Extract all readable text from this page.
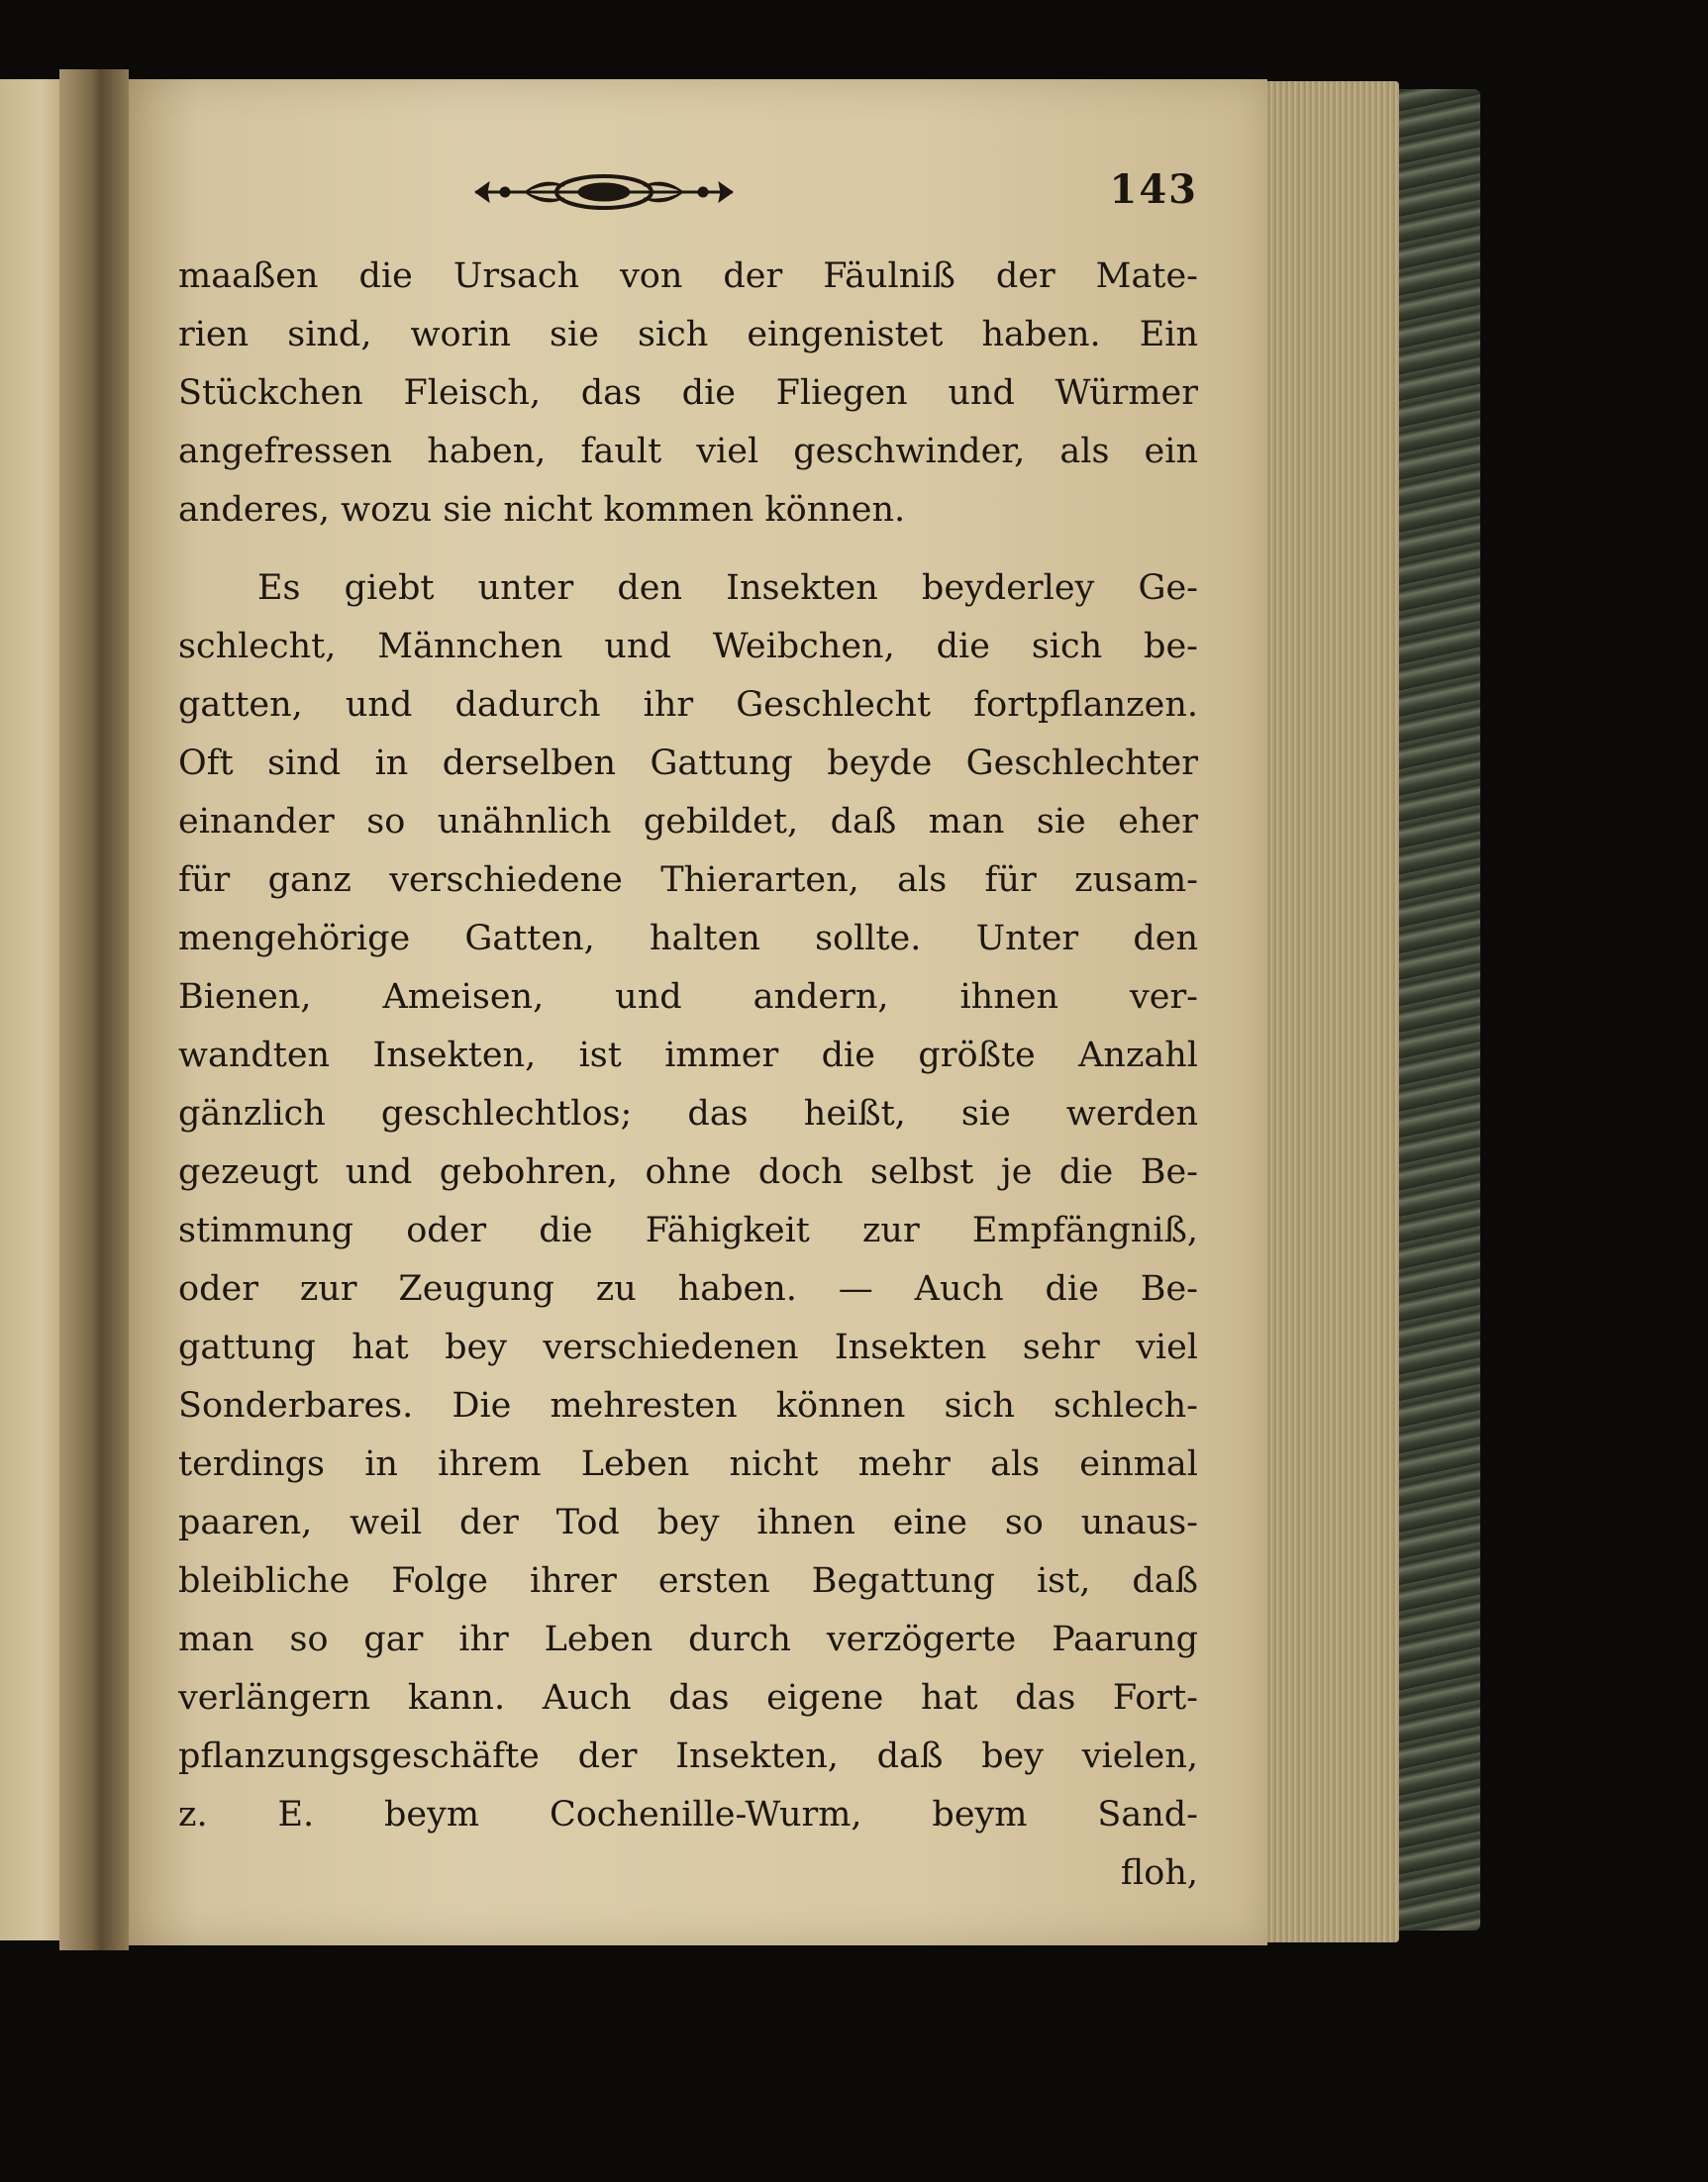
143
maaßen die Ursach von der Fäulniß der Mate-
rien sind, worin sie sich eingenistet haben. Ein
Stückchen Fleisch, das die Fliegen und Würmer
angefressen haben, fault viel geschwinder, als ein
anderes, wozu sie nicht kommen können.
Es giebt unter den Insekten beyderley Ge-
schlecht, Männchen und Weibchen, die sich be-
gatten, und dadurch ihr Geschlecht fortpflanzen.
Oft sind in derselben Gattung beyde Geschlechter
einander so unähnlich gebildet, daß man sie eher
für ganz verschiedene Thierarten, als für zusam-
mengehörige Gatten, halten sollte. Unter den
Bienen, Ameisen, und andern, ihnen ver-
wandten Insekten, ist immer die größte Anzahl
gänzlich geschlechtlos; das heißt, sie werden
gezeugt und gebohren, ohne doch selbst je die Be-
stimmung oder die Fähigkeit zur Empfängniß,
oder zur Zeugung zu haben. — Auch die Be-
gattung hat bey verschiedenen Insekten sehr viel
Sonderbares. Die mehresten können sich schlech-
terdings in ihrem Leben nicht mehr als einmal
paaren, weil der Tod bey ihnen eine so unaus-
bleibliche Folge ihrer ersten Begattung ist, daß
man so gar ihr Leben durch verzögerte Paarung
verlängern kann. Auch das eigene hat das Fort-
pflanzungsgeschäfte der Insekten, daß bey vielen,
z. E. beym Cochenille-Wurm, beym Sand-
floh,
